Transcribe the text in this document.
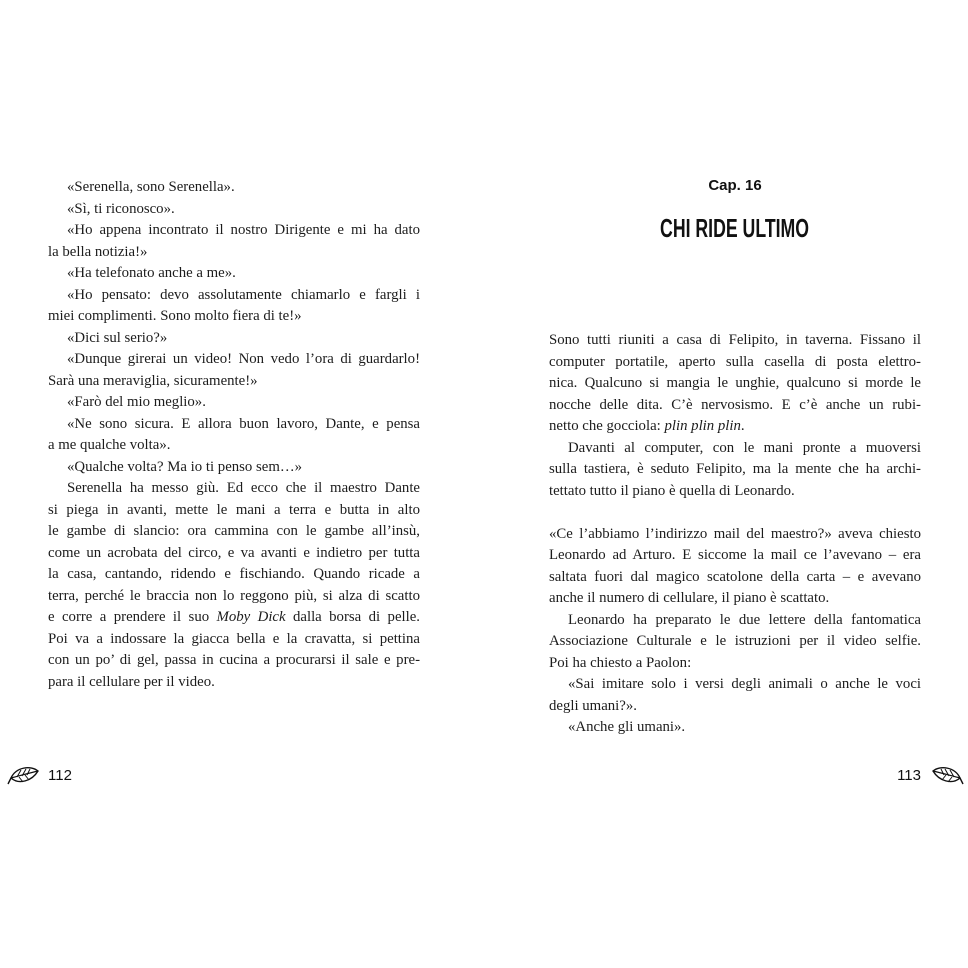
«Serenella, sono Serenella».
«Sì, ti riconosco».
«Ho appena incontrato il nostro Dirigente e mi ha dato
la bella notizia!»
«Ha telefonato anche a me».
«Ho pensato: devo assolutamente chiamarlo e fargli i
miei complimenti. Sono molto fiera di te!»
«Dici sul serio?»
«Dunque girerai un video! Non vedo l’ora di guardarlo!
Sarà una meraviglia, sicuramente!»
«Farò del mio meglio».
«Ne sono sicura. E allora buon lavoro, Dante, e pensa
a me qualche volta».
«Qualche volta? Ma io ti penso sem…»
Serenella ha messo giù. Ed ecco che il maestro Dante
si piega in avanti, mette le mani a terra e butta in alto
le gambe di slancio: ora cammina con le gambe all’insù,
come un acrobata del circo, e va avanti e indietro per tutta
la casa, cantando, ridendo e fischiando. Quando ricade a
terra, perché le braccia non lo reggono più, si alza di scatto
e corre a prendere il suo Moby Dick dalla borsa di pelle.
Poi va a indossare la giacca bella e la cravatta, si pettina
con un po’ di gel, passa in cucina a procurarsi il sale e pre-
para il cellulare per il video.
112
Cap. 16
CHI RIDE ULTIMO
Sono tutti riuniti a casa di Felipito, in taverna. Fissano il
computer portatile, aperto sulla casella di posta elettro-
nica. Qualcuno si mangia le unghie, qualcuno si morde le
nocche delle dita. C’è nervosismo. E c’è anche un rubi-
netto che gocciola: plin plin plin.
Davanti al computer, con le mani pronte a muoversi
sulla tastiera, è seduto Felipito, ma la mente che ha archi-
tettato tutto il piano è quella di Leonardo.
«Ce l’abbiamo l’indirizzo mail del maestro?» aveva chiesto
Leonardo ad Arturo. E siccome la mail ce l’avevano – era
saltata fuori dal magico scatolone della carta – e avevano
anche il numero di cellulare, il piano è scattato.
Leonardo ha preparato le due lettere della fantomatica
Associazione Culturale e le istruzioni per il video selfie.
Poi ha chiesto a Paolon:
«Sai imitare solo i versi degli animali o anche le voci
degli umani?».
«Anche gli umani».
113
